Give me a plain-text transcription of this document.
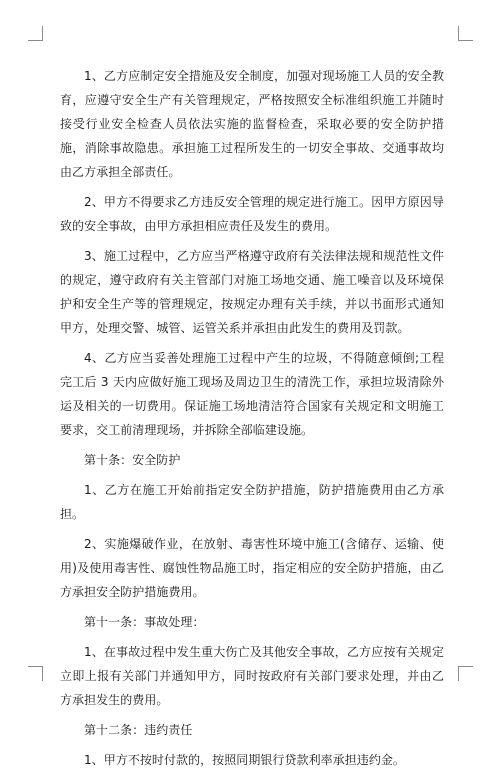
1、乙方应制定安全措施及安全制度，加强对现场施工人员的安全教育，应遵守安全生产有关管理规定，严格按照安全标准组织施工并随时接受行业安全检查人员依法实施的监督检查，采取必要的安全防护措施，消除事故隐患。承担施工过程所发生的一切安全事故、交通事故均由乙方承担全部责任。

2、甲方不得要求乙方违反安全管理的规定进行施工。因甲方原因导致的安全事故，由甲方承担相应责任及发生的费用。

3、施工过程中，乙方应当严格遵守政府有关法律法规和规范性文件的规定，遵守政府有关主管部门对施工场地交通、施工噪音以及环境保护和安全生产等的管理规定，按规定办理有关手续，并以书面形式通知甲方，处理交警、城管、运管关系并承担由此发生的费用及罚款。

4、乙方应当妥善处理施工过程中产生的垃圾，不得随意倾倒;工程完工后 3 天内应做好施工现场及周边卫生的清洗工作，承担垃圾清除外运及相关的一切费用。保证施工场地清洁符合国家有关规定和文明施工要求，交工前清理现场，并拆除全部临建设施。

第十条：安全防护

1、乙方在施工开始前指定安全防护措施，防护措施费用由乙方承担。

2、实施爆破作业，在放射、毒害性环境中施工(含储存、运输、使用)及使用毒害性、腐蚀性物品施工时，指定相应的安全防护措施，由乙方承担安全防护措施费用。

第十一条：事故处理：

1、在事故过程中发生重大伤亡及其他安全事故，乙方应按有关规定立即上报有关部门并通知甲方，同时按政府有关部门要求处理，并由乙方承担发生的费用。

第十二条：违约责任

1、甲方不按时付款的，按照同期银行贷款利率承担违约金。
